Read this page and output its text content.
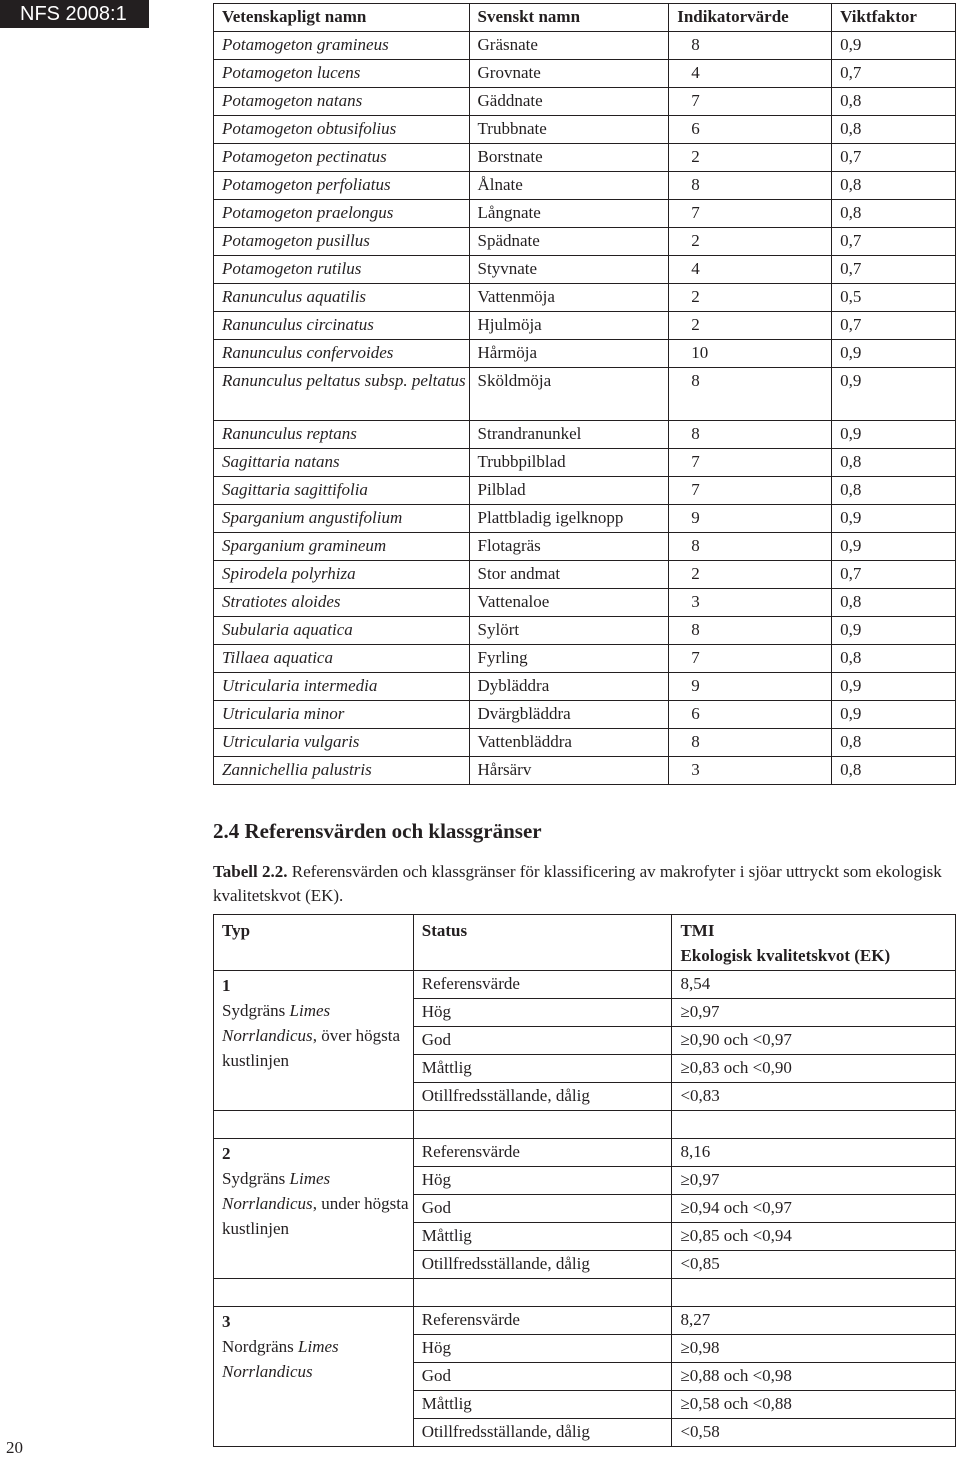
NFS 2008:1	Vetenskapligt namn	Svenskt namn	Indikatorvärde	Viktfaktor
Potamogeton gramineus	Gräsnate	8	0,9
Potamogeton lucens	Grovnate	4	0,7
Potamogeton natans	Gäddnate	7	0,8
Potamogeton obtusifolius	Trubbnate	6	0,8
Potamogeton pectinatus	Borstnate	2	0,7
Potamogeton perfoliatus	Ålnate	8	0,8
Potamogeton praelongus	Långnate	7	0,8
Potamogeton pusillus	Spädnate	2	0,7
Potamogeton rutilus	Styvnate	4	0,7
Ranunculus aquatilis	Vattenmöja	2	0,5
Ranunculus circinatus	Hjulmöja	2	0,7
Ranunculus confervoides	Hårmöja	10	0,9
Ranunculus peltatus subsp. peltatus	Sköldmöja	8	0,9
Ranunculus reptans	Strandranunkel	8	0,9
Sagittaria natans	Trubbpilblad	7	0,8
Sagittaria sagittifolia	Pilblad	7	0,8
Sparganium angustifolium	Plattbladig igelknopp	9	0,9
Sparganium gramineum	Flotagräs	8	0,9
Spirodela polyrhiza	Stor andmat	2	0,7
Stratiotes aloides	Vattenaloe	3	0,8
Subularia aquatica	Sylört	8	0,9
Tillaea aquatica	Fyrling	7	0,8
Utricularia intermedia	Dybläddra	9	0,9
Utricularia minor	Dvärgbläddra	6	0,9
Utricularia vulgaris	Vattenbläddra	8	0,8
Zannichellia palustris	Hårsärv	3	0,8
2.4 Referensvärden och klassgränser

Tabell 2.2. Referensvärden och klassgränser för klassificering av makrofyter i sjöar uttryckt som ekologisk kvalitetskvot (EK).

Typ	Status	TMI
Ekologisk kvalitetskvot (EK)

1
Sydgräns Limes Norrlandicus, över högsta kustlinjen	Referensvärde	8,54
	Hög	≥0,97
	God	≥0,90 och <0,97
	Måttlig	≥0,83 och <0,90
	Otillfredsställande, dålig	<0,83

2
Sydgräns Limes Norrlandicus, under högsta kustlinjen	Referensvärde	8,16
	Hög	≥0,97
	God	≥0,94 och <0,97
	Måttlig	≥0,85 och <0,94
	Otillfredsställande, dålig	<0,85

3
Nordgräns Limes Norrlandicus	Referensvärde	8,27
	Hög	≥0,98
	God	≥0,88 och <0,98
	Måttlig	≥0,58 och <0,88
	Otillfredsställande, dålig	<0,58
20
